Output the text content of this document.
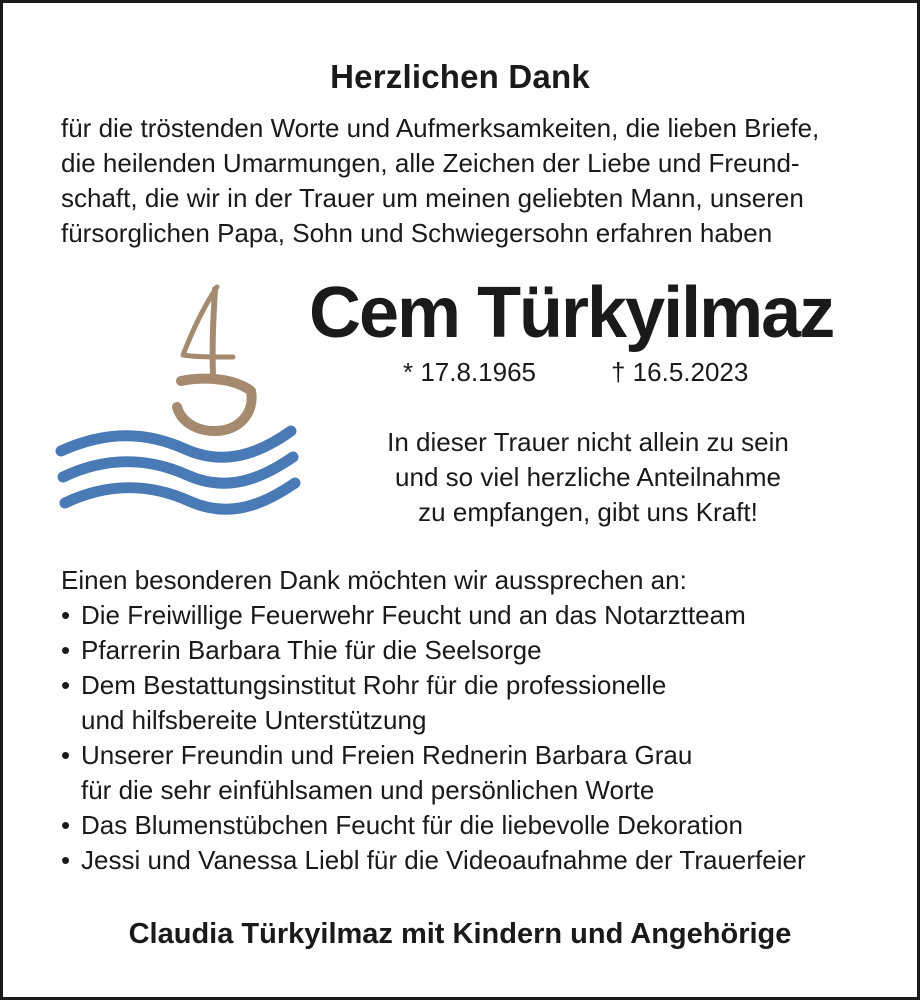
Herzlichen Dank
für die tröstenden Worte und Aufmerksamkeiten, die lieben Briefe,
die heilenden Umarmungen, alle Zeichen der Liebe und Freund-
schaft, die wir in der Trauer um meinen geliebten Mann, unseren
fürsorglichen Papa, Sohn und Schwiegersohn erfahren haben
Cem Türkyilmaz
* 17.8.1965	† 16.5.2023
In dieser Trauer nicht allein zu sein
und so viel herzliche Anteilnahme
zu empfangen, gibt uns Kraft!
Einen besonderen Dank möchten wir aussprechen an:
• Die Freiwillige Feuerwehr Feucht und an das Notarztteam
• Pfarrerin Barbara Thie für die Seelsorge
• Dem Bestattungsinstitut Rohr für die professionelle
und hilfsbereite Unterstützung
• Unserer Freundin und Freien Rednerin Barbara Grau
für die sehr einfühlsamen und persönlichen Worte
• Das Blumenstübchen Feucht für die liebevolle Dekoration
• Jessi und Vanessa Liebl für die Videoaufnahme der Trauerfeier
Claudia Türkyilmaz mit Kindern und Angehörige
